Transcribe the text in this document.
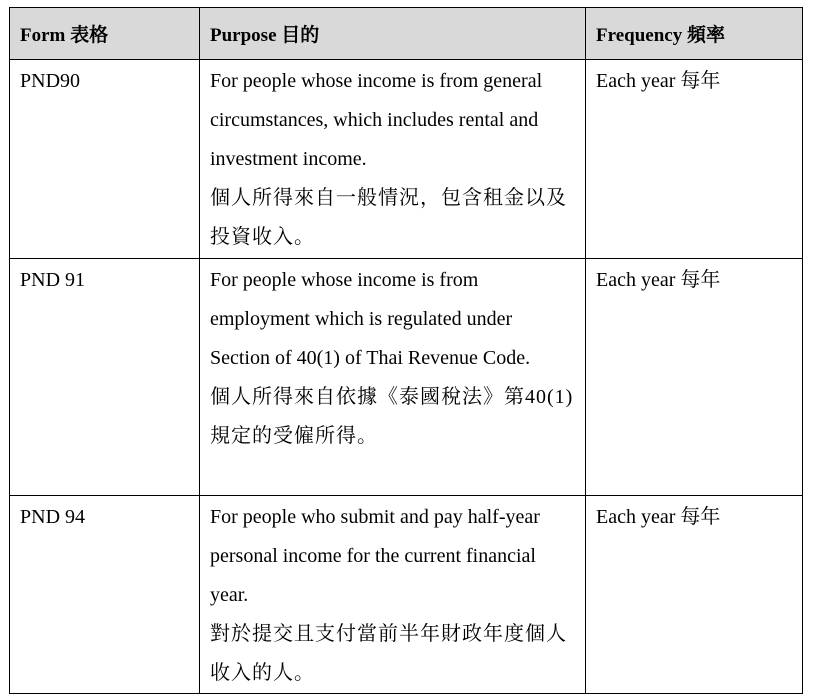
Form 表格	Purpose 目的	Frequency 頻率

PND90	For people whose income is from general circumstances, which includes rental and investment income.
個人所得來自一般情況，包含租金以及投資收入。	Each year 每年

PND 91	For people whose income is from employment which is regulated under Section of 40(1) of Thai Revenue Code.
個人所得來自依據《泰國稅法》第40(1)規定的受僱所得。	Each year 每年

PND 94	For people who submit and pay half-year personal income for the current financial year.
對於提交且支付當前半年財政年度個人收入的人。	Each year 每年
